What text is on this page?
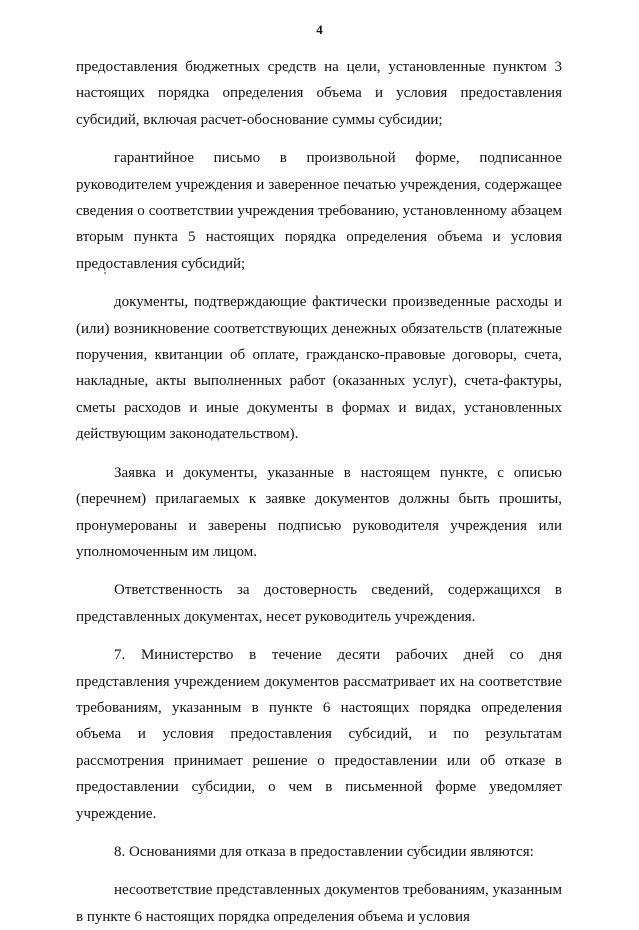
4

предоставления бюджетных средств на цели, установленные пунктом 3 настоящих порядка определения объема и условия предоставления субсидий, включая расчет-обоснование суммы субсидии;

гарантийное письмо в произвольной форме, подписанное руководителем учреждения и заверенное печатью учреждения, содержащее сведения о соответствии учреждения требованию, установленному абзацем вторым пункта 5 настоящих порядка определения объема и условия предоставления субсидий;

документы, подтверждающие фактически произведенные расходы и (или) возникновение соответствующих денежных обязательств (платежные поручения, квитанции об оплате, гражданско-правовые договоры, счета, накладные, акты выполненных работ (оказанных услуг), счета-фактуры, сметы расходов и иные документы в формах и видах, установленных действующим законодательством).

Заявка и документы, указанные в настоящем пункте, с описью (перечнем) прилагаемых к заявке документов должны быть прошиты, пронумерованы и заверены подписью руководителя учреждения или уполномоченным им лицом.

Ответственность за достоверность сведений, содержащихся в представленных документах, несет руководитель учреждения.

7. Министерство в течение десяти рабочих дней со дня представления учреждением документов рассматривает их на соответствие требованиям, указанным в пункте 6 настоящих порядка определения объема и условия предоставления субсидий, и по результатам рассмотрения принимает решение о предоставлении или об отказе в предоставлении субсидии, о чем в письменной форме уведомляет учреждение.

8. Основаниями для отказа в предоставлении субсидии являются:

несоответствие представленных документов требованиям, указанным в пункте 6 настоящих порядка определения объема и условия
